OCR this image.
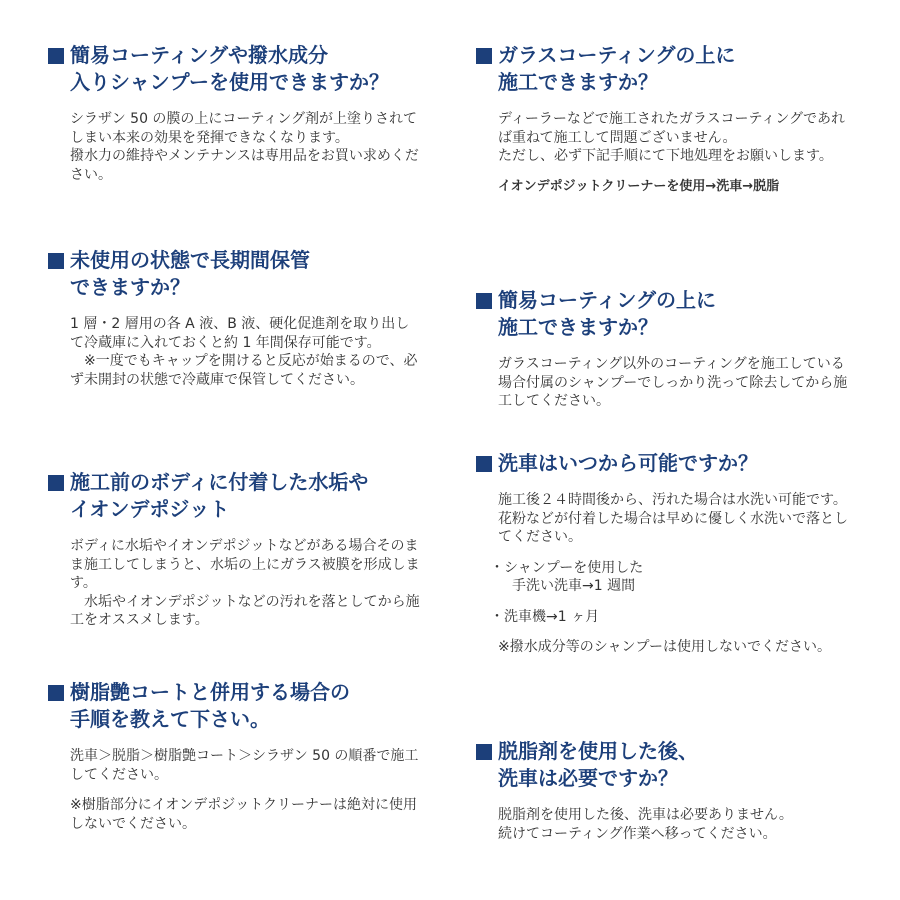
簡易コーティングや撥水成分
入りシャンプーを使用できますか？

シラザン 50 の膜の上にコーティング剤が上塗りされてしまい本来の効果を発揮できなくなります。

撥水力の維持やメンテナンスは専用品をお買い求めください。

未使用の状態で長期間保管
できますか？

1 層・2 層用の各 A 液、B 液、硬化促進剤を取り出して冷蔵庫に入れておくと約 1 年間保存可能です。

※一度でもキャップを開けると反応が始まるので、必ず未開封の状態で冷蔵庫で保管してください。

施工前のボディに付着した水垢や
イオンデポジット

ボディに水垢やイオンデポジットなどがある場合そのまま施工してしまうと、水垢の上にガラス被膜を形成します。

水垢やイオンデポジットなどの汚れを落としてから施工をオススメします。

樹脂艶コートと併用する場合の
手順を教えて下さい。

洗車＞脱脂＞樹脂艶コート＞シラザン 50 の順番で施工してください。

※樹脂部分にイオンデポジットクリーナーは絶対に使用しないでください。

ガラスコーティングの上に
施工できますか？

ディーラーなどで施工されたガラスコーティングであれば重ねて施工して問題ございません。

ただし、必ず下記手順にて下地処理をお願いします。

イオンデポジットクリーナーを使用→洗車→脱脂

簡易コーティングの上に
施工できますか？

ガラスコーティング以外のコーティングを施工している場合付属のシャンプーでしっかり洗って除去してから施工してください。

洗車はいつから可能ですか？

施工後２４時間後から、汚れた場合は水洗い可能です。

花粉などが付着した場合は早めに優しく水洗いで落としてください。

・シャンプーを使用した

手洗い洗車→1 週間

・洗車機→1 ヶ月

※撥水成分等のシャンプーは使用しないでください。

脱脂剤を使用した後、
洗車は必要ですか？

脱脂剤を使用した後、洗車は必要ありません。

続けてコーティング作業へ移ってください。
